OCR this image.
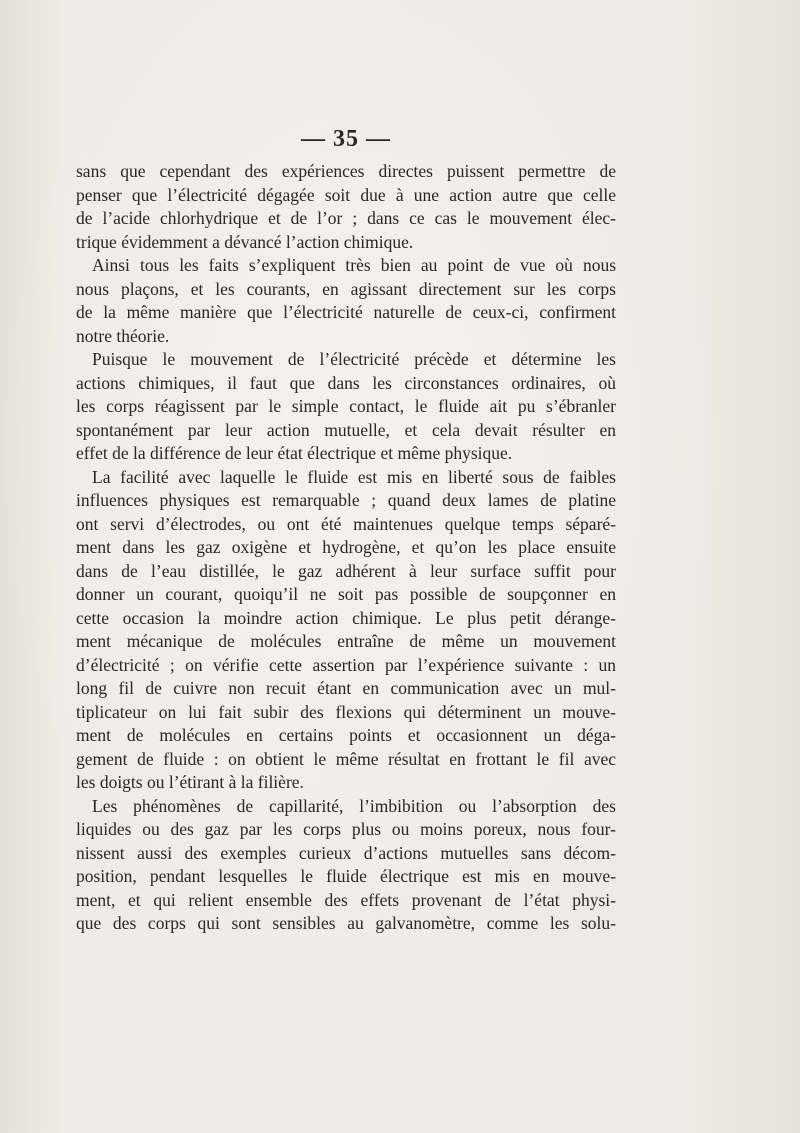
— 35 —
sans que cependant des expériences directes puissent permettre de
penser que l’électricité dégagée soit due à une action autre que celle
de l’acide chlorhydrique et de l’or ; dans ce cas le mouvement élec-
trique évidemment a dévancé l’action chimique.
Ainsi tous les faits s’expliquent très bien au point de vue où nous
nous plaçons, et les courants, en agissant directement sur les corps
de la même manière que l’électricité naturelle de ceux-ci, confirment
notre théorie.
Puisque le mouvement de l’électricité précède et détermine les
actions chimiques, il faut que dans les circonstances ordinaires, où
les corps réagissent par le simple contact, le fluide ait pu s’ébranler
spontanément par leur action mutuelle, et cela devait résulter en
effet de la différence de leur état électrique et même physique.
La facilité avec laquelle le fluide est mis en liberté sous de faibles
influences physiques est remarquable ; quand deux lames de platine
ont servi d’électrodes, ou ont été maintenues quelque temps séparé-
ment dans les gaz oxigène et hydrogène, et qu’on les place ensuite
dans de l’eau distillée, le gaz adhérent à leur surface suffit pour
donner un courant, quoiqu’il ne soit pas possible de soupçonner en
cette occasion la moindre action chimique. Le plus petit dérange-
ment mécanique de molécules entraîne de même un mouvement
d’électricité ; on vérifie cette assertion par l’expérience suivante : un
long fil de cuivre non recuit étant en communication avec un mul-
tiplicateur on lui fait subir des flexions qui déterminent un mouve-
ment de molécules en certains points et occasionnent un déga-
gement de fluide : on obtient le même résultat en frottant le fil avec
les doigts ou l’étirant à la filière.
Les phénomènes de capillarité, l’imbibition ou l’absorption des
liquides ou des gaz par les corps plus ou moins poreux, nous four-
nissent aussi des exemples curieux d’actions mutuelles sans décom-
position, pendant lesquelles le fluide électrique est mis en mouve-
ment, et qui relient ensemble des effets provenant de l’état physi-
que des corps qui sont sensibles au galvanomètre, comme les solu-
